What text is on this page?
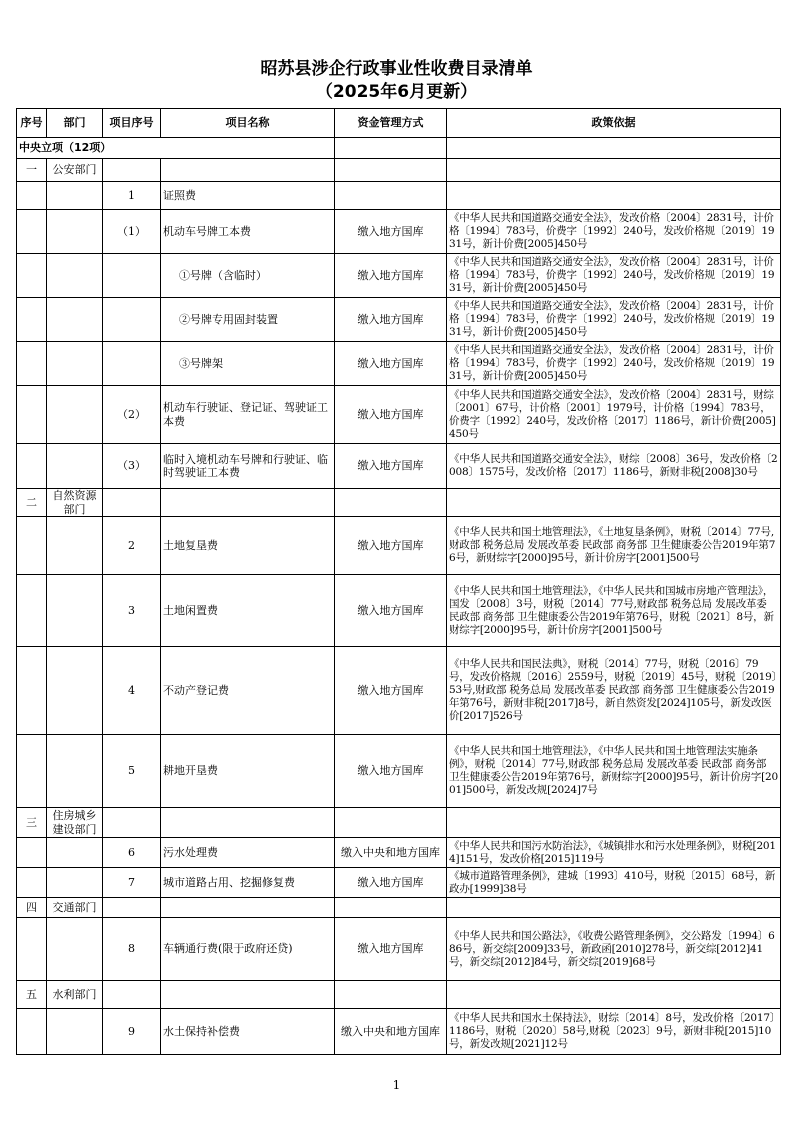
昭苏县涉企行政事业性收费目录清单
（2025年6月更新）
序号	部门	项目序号	项目名称	资金管理方式	政策依据
中央立项（12项）					
一	公安部门				
		1	证照费		
		（1）	机动车号牌工本费	缴入地方国库	《中华人民共和国道路交通安全法》，发改价格〔2004〕2831号，计价格〔1994〕783号，价费字〔1992〕240号，发改价格规〔2019〕1931号，新计价费[2005]450号
			①号牌（含临时）	缴入地方国库	《中华人民共和国道路交通安全法》，发改价格〔2004〕2831号，计价格〔1994〕783号，价费字〔1992〕240号，发改价格规〔2019〕1931号，新计价费[2005]450号
			②号牌专用固封装置	缴入地方国库	《中华人民共和国道路交通安全法》，发改价格〔2004〕2831号，计价格〔1994〕783号，价费字〔1992〕240号，发改价格规〔2019〕1931号，新计价费[2005]450号
			③号牌架	缴入地方国库	《中华人民共和国道路交通安全法》，发改价格〔2004〕2831号，计价格〔1994〕783号，价费字〔1992〕240号，发改价格规〔2019〕1931号，新计价费[2005]450号
		（2）	机动车行驶证、登记证、驾驶证工本费	缴入地方国库	《中华人民共和国道路交通安全法》，发改价格〔2004〕2831号，财综〔2001〕67号，计价格〔2001〕1979号，计价格〔1994〕783号，价费字〔1992〕240号，发改价格〔2017〕1186号，新计价费[2005]450号
		（3）	临时入境机动车号牌和行驶证、临时驾驶证工本费	缴入地方国库	《中华人民共和国道路交通安全法》，财综〔2008〕36号，发改价格〔2008〕1575号，发改价格〔2017〕1186号，新财非税[2008]30号
二	自然资源部门				
		2	土地复垦费	缴入地方国库	《中华人民共和国土地管理法》，《土地复垦条例》，财税〔2014〕77号,财政部 税务总局 发展改革委 民政部 商务部 卫生健康委公告2019年第76号，新财综字[2000]95号，新计价房字[2001]500号
		3	土地闲置费	缴入地方国库	《中华人民共和国土地管理法》，《中华人民共和国城市房地产管理法》，国发〔2008〕3号，财税〔2014〕77号,财政部 税务总局 发展改革委 民政部 商务部 卫生健康委公告2019年第76号，财税〔2021〕8号，新财综字[2000]95号，新计价房字[2001]500号
		4	不动产登记费	缴入地方国库	《中华人民共和国民法典》，财税〔2014〕77号，财税〔2016〕79号，发改价格规〔2016〕2559号，财税〔2019〕45号，财税〔2019〕53号,财政部 税务总局 发展改革委 民政部 商务部 卫生健康委公告2019年第76号，新财非税[2017]8号，新自然资发[2024]105号，新发改医价[2017]526号
		5	耕地开垦费	缴入地方国库	《中华人民共和国土地管理法》，《中华人民共和国土地管理法实施条例》，财税〔2014〕77号,财政部 税务总局 发展改革委 民政部 商务部 卫生健康委公告2019年第76号，新财综字[2000]95号，新计价房字[2001]500号，新发改规[2024]7号
三	住房城乡建设部门				
		6	污水处理费	缴入中央和地方国库	《中华人民共和国污水防治法》，《城镇排水和污水处理条例》，财税[2014]151号，发改价格[2015]119号
		7	城市道路占用、挖掘修复费	缴入地方国库	《城市道路管理条例》，建城〔1993〕410号，财税〔2015〕68号，新政办[1999]38号
四	交通部门				
		8	车辆通行费(限于政府还贷)	缴入地方国库	《中华人民共和国公路法》，《收费公路管理条例》，交公路发〔1994〕686号，新交综[2009]33号，新政函[2010]278号，新交综[2012]41号，新交综[2012]84号，新交综[2019]68号
五	水利部门				
		9	水土保持补偿费	缴入中央和地方国库	《中华人民共和国水土保持法》，财综〔2014〕8号，发改价格〔2017〕1186号，财税〔2020〕58号,财税〔2023〕9号，新财非税[2015]10号，新发改规[2021]12号
1
